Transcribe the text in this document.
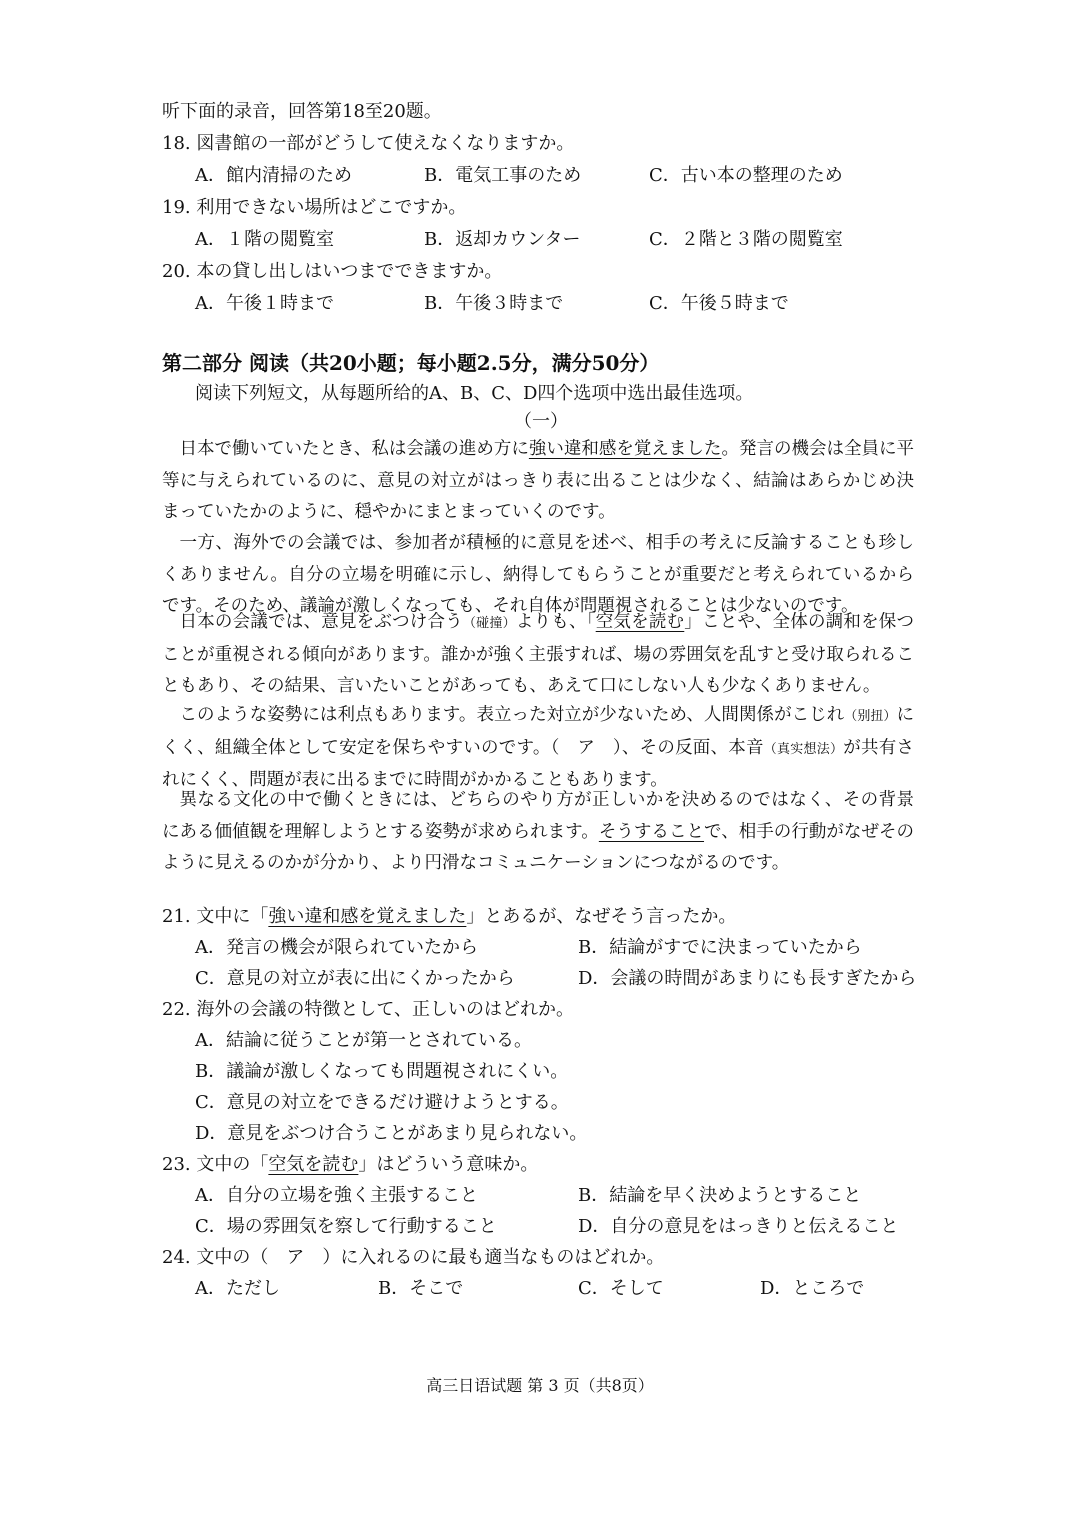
听下面的录音，回答第18至20题。
18. 図書館の一部がどうして使えなくなりますか。
A．館内清掃のため	B．電気工事のため	C．古い本の整理のため
19. 利用できない場所はどこですか。
A．１階の閲覧室	B．返却カウンター	C．２階と３階の閲覧室
20. 本の貸し出しはいつまでできますか。
A．午後１時まで	B．午後３時まで	C．午後５時まで
第二部分 阅读（共20小题；每小题2.5分，满分50分）
阅读下列短文，从每题所给的A、B、C、D四个选项中选出最佳选项。
（一）
日本で働いていたとき、私は会議の進め方に強い違和感を覚えました。発言の機会は全員に平等に与えられているのに、意見の対立がはっきり表に出ることは少なく、結論はあらかじめ決まっていたかのように、穏やかにまとまっていくのです。
一方、海外での会議では、参加者が積極的に意見を述べ、相手の考えに反論することも珍しくありません。自分の立場を明確に示し、納得してもらうことが重要だと考えられているからです。そのため、議論が激しくなっても、それ自体が問題視されることは少ないのです。
日本の会議では、意見をぶつけ合う（碰撞）よりも、「空気を読む」ことや、全体の調和を保つことが重視される傾向があります。誰かが強く主張すれば、場の雰囲気を乱すと受け取られることもあり、その結果、言いたいことがあっても、あえて口にしない人も少なくありません。
このような姿勢には利点もあります。表立った対立が少ないため、人間関係がこじれ（别扭）にくく、組織全体として安定を保ちやすいのです。（　ア　）、その反面、本音（真实想法）が共有されにくく、問題が表に出るまでに時間がかかることもあります。
異なる文化の中で働くときには、どちらのやり方が正しいかを決めるのではなく、その背景にある価値観を理解しようとする姿勢が求められます。そうすることで、相手の行動がなぜそのように見えるのかが分かり、より円滑なコミュニケーションにつながるのです。
21. 文中に「強い違和感を覚えました」とあるが、なぜそう言ったか。
A．発言の機会が限られていたから	B．結論がすでに決まっていたから
C．意見の対立が表に出にくかったから	D．会議の時間があまりにも長すぎたから
22. 海外の会議の特徴として、正しいのはどれか。
A．結論に従うことが第一とされている。
B．議論が激しくなっても問題視されにくい。
C．意見の対立をできるだけ避けようとする。
D．意見をぶつけ合うことがあまり見られない。
23. 文中の「空気を読む」はどういう意味か。
A．自分の立場を強く主張すること	B．結論を早く決めようとすること
C．場の雰囲気を察して行動すること	D．自分の意見をはっきりと伝えること
24. 文中の（　ア　）に入れるのに最も適当なものはどれか。
A．ただし	B．そこで	C．そして	D．ところで
高三日语试题 第 3 页（共8页）
